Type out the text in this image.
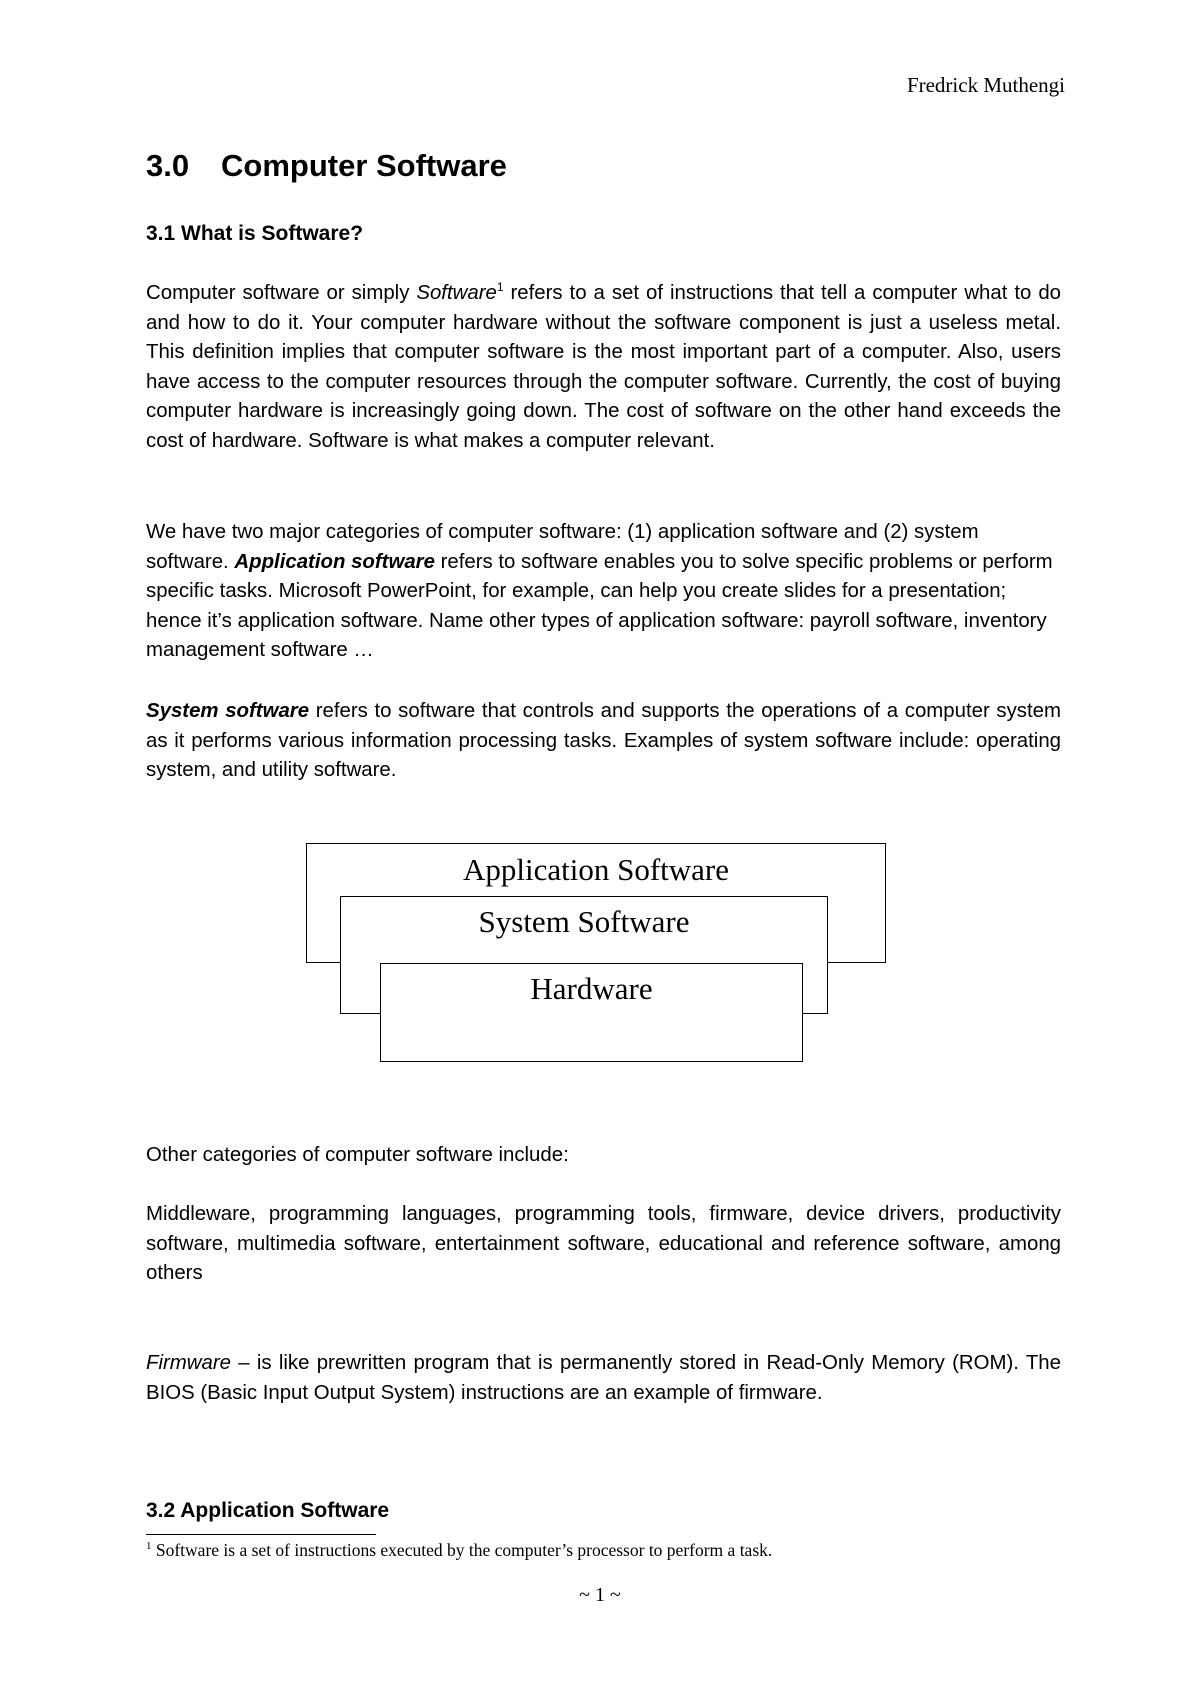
Fredrick Muthengi
3.0 Computer Software
3.1 What is Software?

Computer software or simply Software$^1$ refers to a set of instructions that tell a computer what to do and how to do it. Your computer hardware without the software component is just a useless metal. This definition implies that computer software is the most important part of a computer. Also, users have access to the computer resources through the computer software. Currently, the cost of buying computer hardware is increasingly going down. The cost of software on the other hand exceeds the cost of hardware. Software is what makes a computer relevant.

We have two major categories of computer software: (1) application software and (2) system software. Application software refers to software enables you to solve specific problems or perform specific tasks. Microsoft PowerPoint, for example, can help you create slides for a presentation; hence it’s application software. Name other types of application software: payroll software, inventory management software …

System software refers to software that controls and supports the operations of a computer system as it performs various information processing tasks. Examples of system software include: operating system, and utility software.

Application Software
System Software
Hardware

Other categories of computer software include:

Middleware, programming languages, programming tools, firmware, device drivers, productivity software, multimedia software, entertainment software, educational and reference software, among others

Firmware – is like prewritten program that is permanently stored in Read-Only Memory (ROM). The BIOS (Basic Input Output System) instructions are an example of firmware.

3.2 Application Software
$^1$ Software is a set of instructions executed by the computer’s processor to perform a task.
~ 1 ~
